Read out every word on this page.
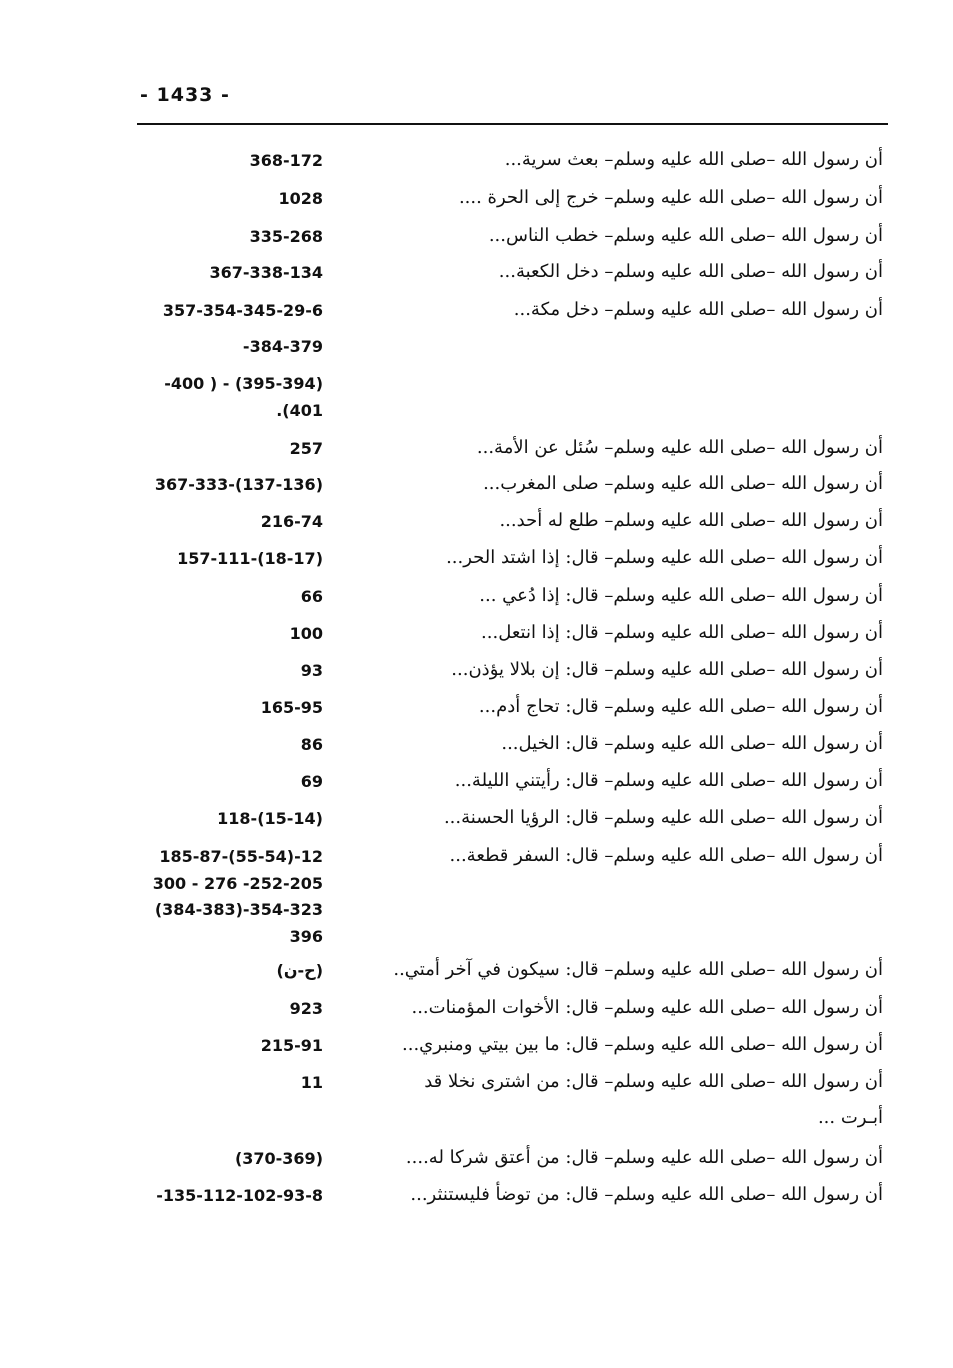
- 1433 -
أن رسول الله –صلى الله عليه وسلم– بعث سرية...
368-172
أن رسول الله –صلى الله عليه وسلم– خرج إلى الحرة ....
1028
أن رسول الله –صلى الله عليه وسلم– خطب الناس...
335-268
أن رسول الله –صلى الله عليه وسلم– دخل الكعبة...
367-338-134
أن رسول الله –صلى الله عليه وسلم– دخل مكة...
357-354-345-29-6
-384-379
-400 ) - (395-394)
.(401
أن رسول الله –صلى الله عليه وسلم– سُئل عن الأمة...
257
أن رسول الله –صلى الله عليه وسلم– صلى المغرب...
367-333-(137-136)
أن رسول الله –صلى الله عليه وسلم– طلع له أحد...
216-74
أن رسول الله –صلى الله عليه وسلم– قال: إذا اشتد الحر...
157-111-(18-17)
أن رسول الله –صلى الله عليه وسلم– قال: إذا دُعي ...
66
أن رسول الله –صلى الله عليه وسلم– قال: إذا انتعل...
100
أن رسول الله –صلى الله عليه وسلم– قال: إن بلالا يؤذن...
93
أن رسول الله –صلى الله عليه وسلم– قال: تحاج أدم...
165-95
أن رسول الله –صلى الله عليه وسلم– قال: الخيل...
86
أن رسول الله –صلى الله عليه وسلم– قال: رأيتني الليلة...
69
أن رسول الله –صلى الله عليه وسلم– قال: الرؤيا الحسنة...
118-(15-14)
أن رسول الله –صلى الله عليه وسلم– قال: السفر قطعة...
185-87-(55-54)-12
300 - 276 -252-205
(384-383)-354-323
396
أن رسول الله –صلى الله عليه وسلم– قال: سيكون في آخر أمتي..
(ح-ن)
أن رسول الله –صلى الله عليه وسلم– قال: الأخوات المؤمنات...
923
أن رسول الله –صلى الله عليه وسلم– قال: ما بين بيتي ومنبري...
215-91
أن رسول الله –صلى الله عليه وسلم– قال: من اشترى نخلا قد
أبـرت ...
11
أن رسول الله –صلى الله عليه وسلم– قال: من أعتق شركا له....
(370-369)
أن رسول الله –صلى الله عليه وسلم– قال: من توضأ فليستنثر...
-135-112-102-93-8
